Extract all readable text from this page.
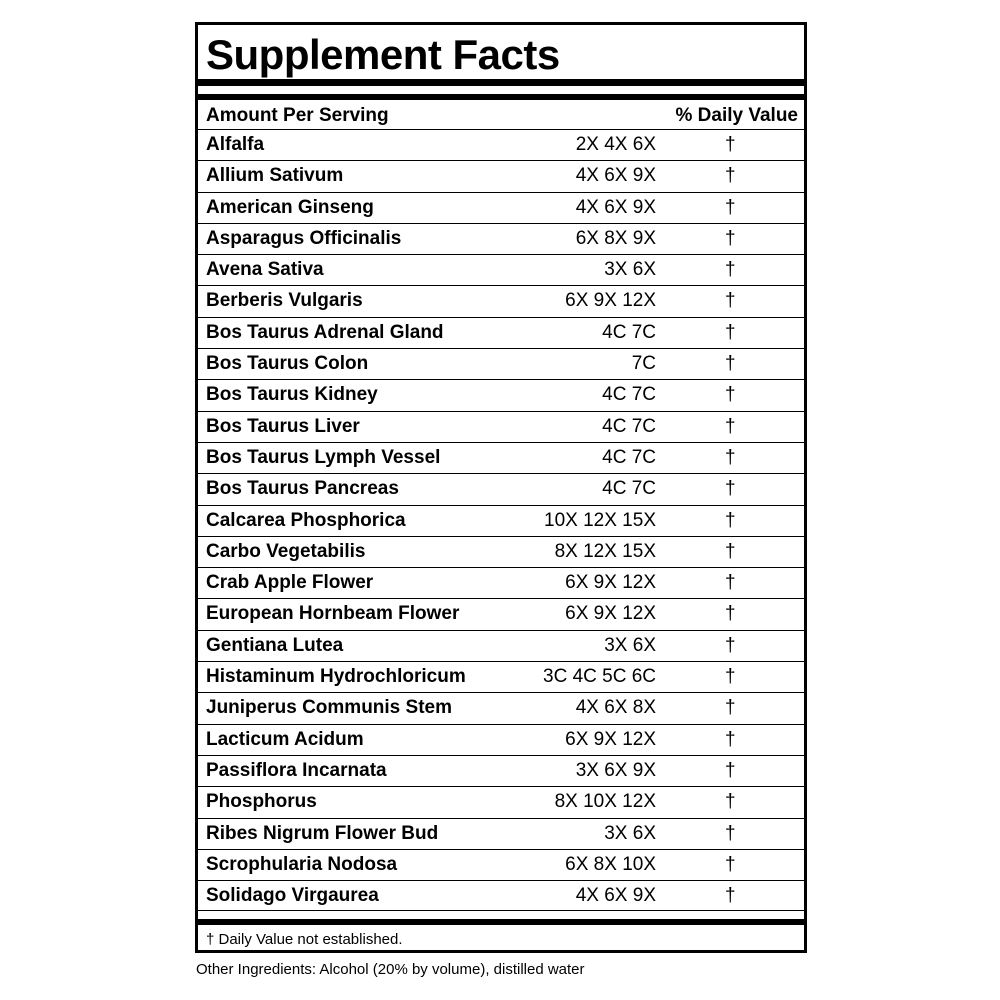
Supplement Facts
Amount Per Serving	% Daily Value
Alfalfa	2X 4X 6X	†
Allium Sativum	4X 6X 9X	†
American Ginseng	4X 6X 9X	†
Asparagus Officinalis	6X 8X 9X	†
Avena Sativa	3X 6X	†
Berberis Vulgaris	6X 9X 12X	†
Bos Taurus Adrenal Gland	4C 7C	†
Bos Taurus Colon	7C	†
Bos Taurus Kidney	4C 7C	†
Bos Taurus Liver	4C 7C	†
Bos Taurus Lymph Vessel	4C 7C	†
Bos Taurus Pancreas	4C 7C	†
Calcarea Phosphorica	10X 12X 15X	†
Carbo Vegetabilis	8X 12X 15X	†
Crab Apple Flower	6X 9X 12X	†
European Hornbeam Flower	6X 9X 12X	†
Gentiana Lutea	3X 6X	†
Histaminum Hydrochloricum	3C 4C 5C 6C	†
Juniperus Communis Stem	4X 6X 8X	†
Lacticum Acidum	6X 9X 12X	†
Passiflora Incarnata	3X 6X 9X	†
Phosphorus	8X 10X 12X	†
Ribes Nigrum Flower Bud	3X 6X	†
Scrophularia Nodosa	6X 8X 10X	†
Solidago Virgaurea	4X 6X 9X	†
† Daily Value not established.
Other Ingredients: Alcohol (20% by volume), distilled water
